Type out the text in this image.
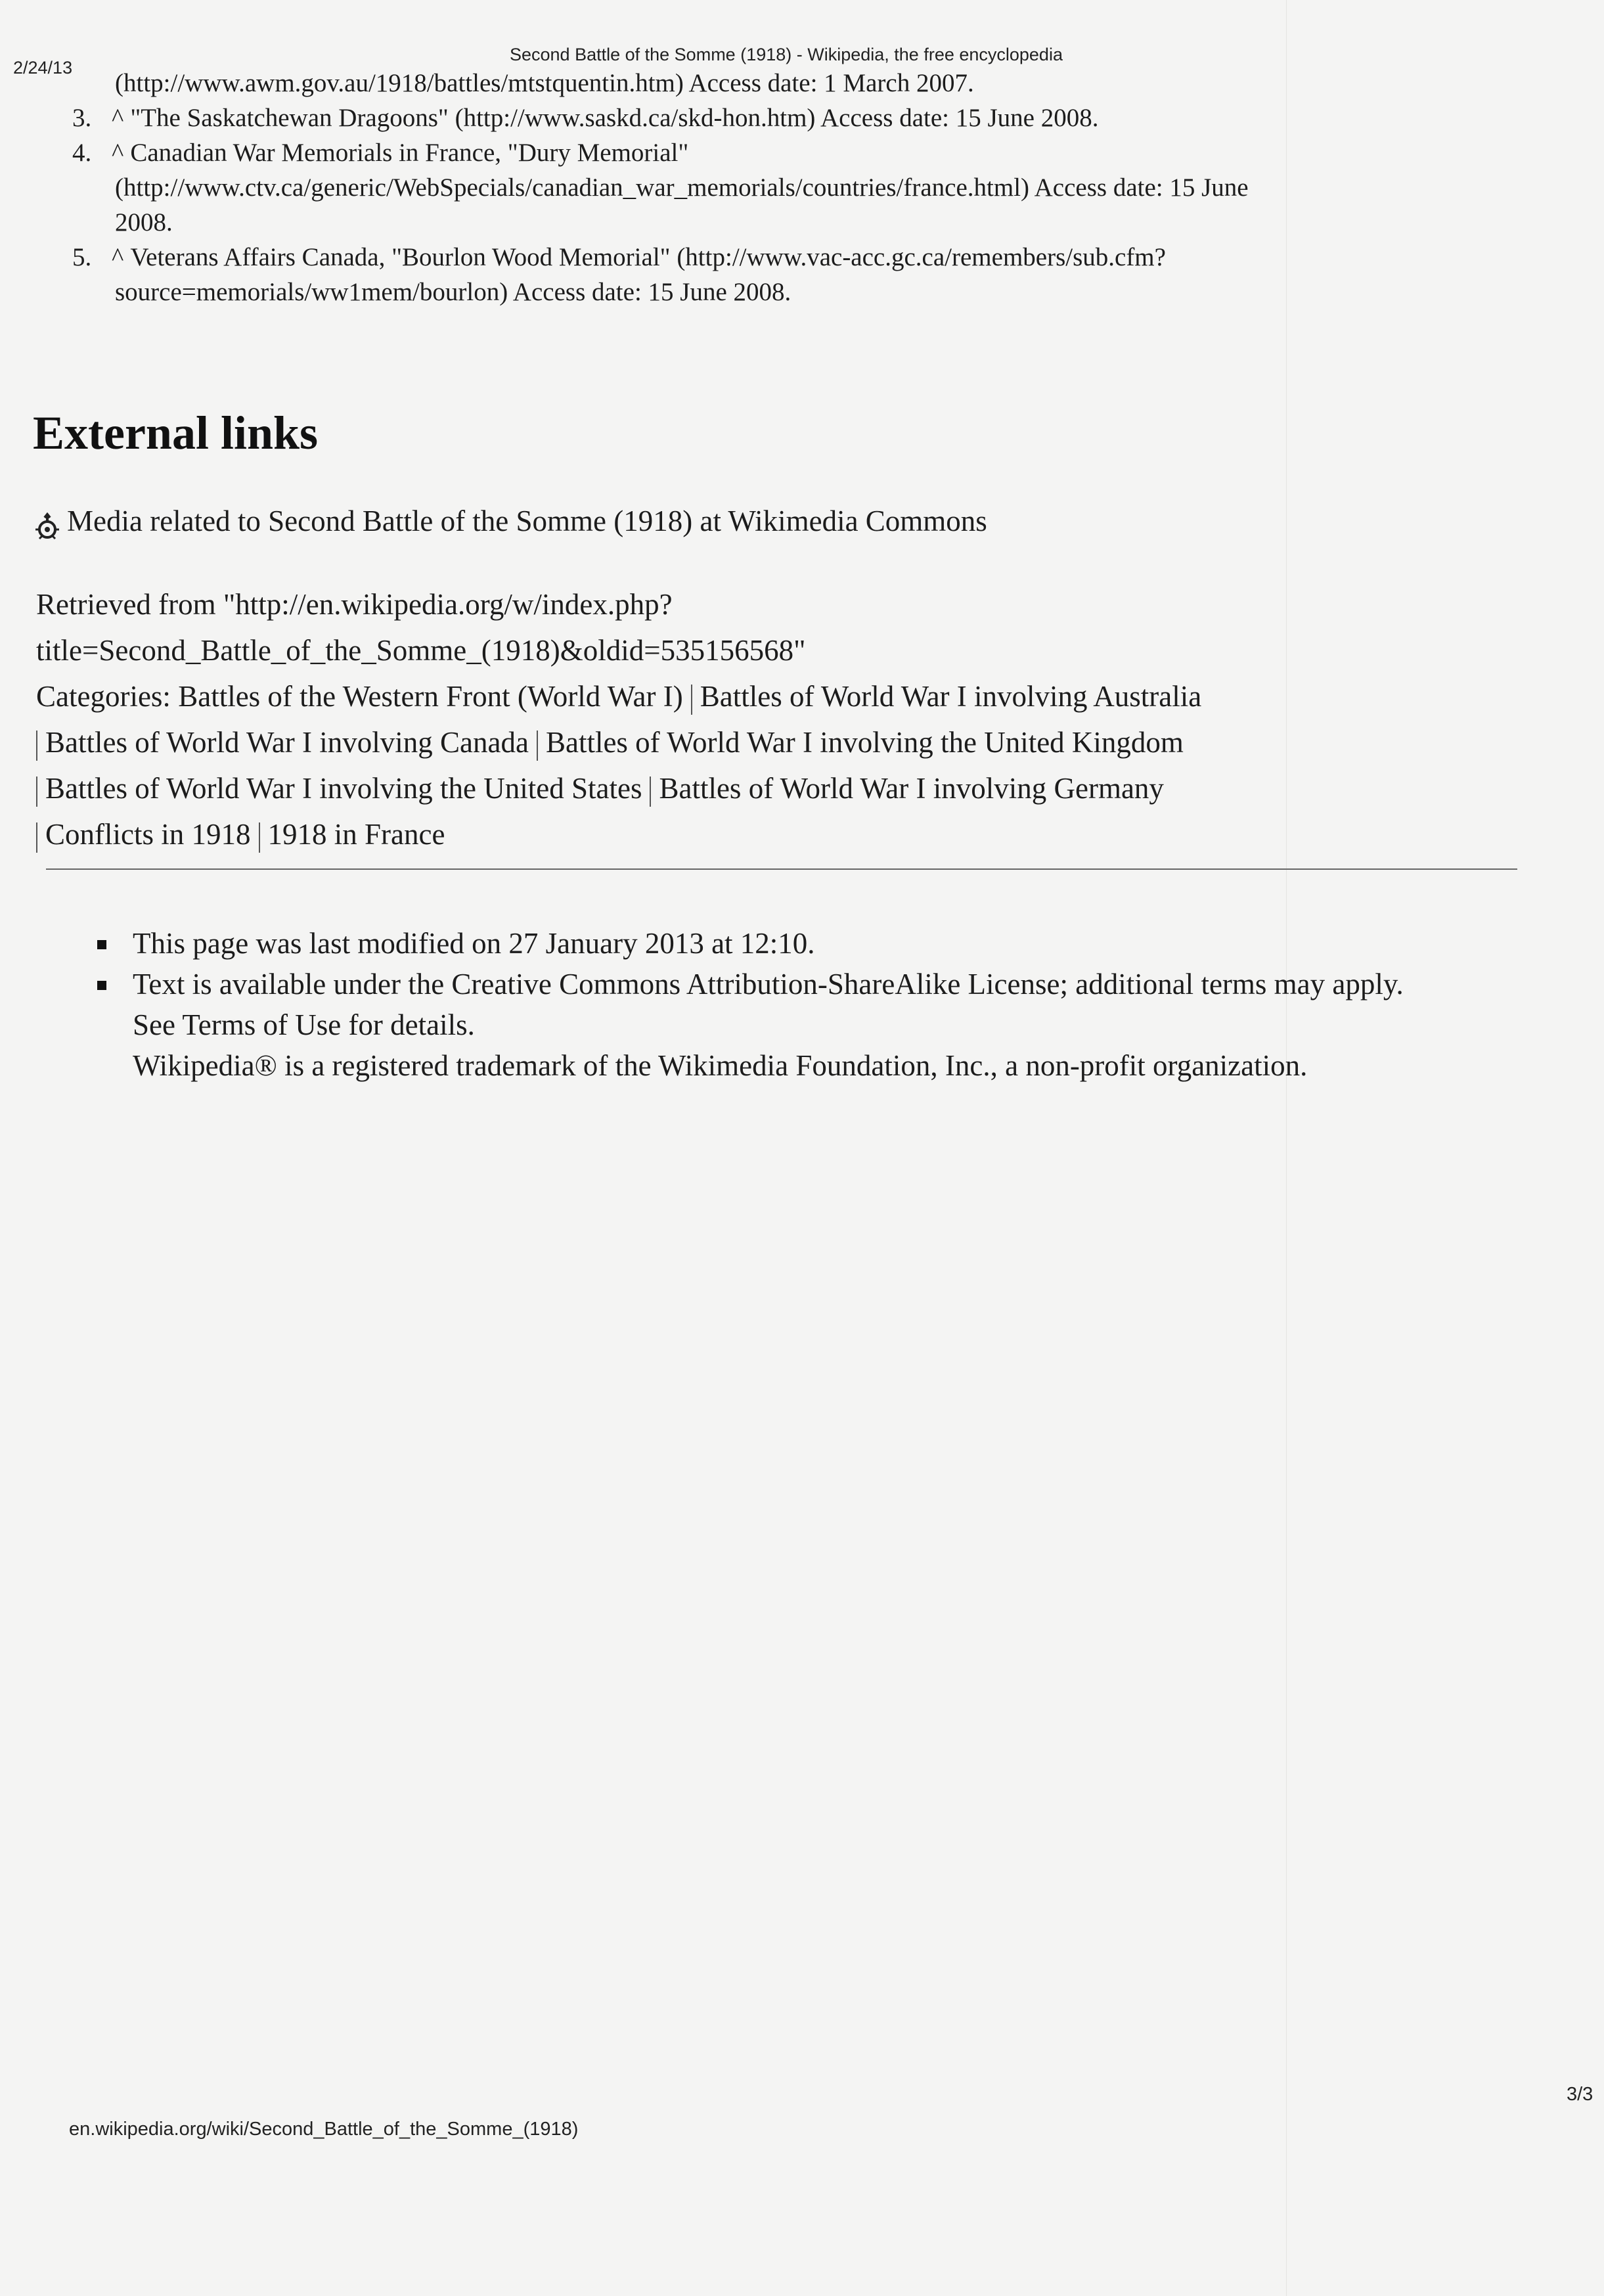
2/24/13
Second Battle of the Somme (1918) - Wikipedia, the free encyclopedia
(http://www.awm.gov.au/1918/battles/mtstquentin.htm) Access date: 1 March 2007.
3. ^ "The Saskatchewan Dragoons" (http://www.saskd.ca/skd-hon.htm) Access date: 15 June 2008.
4. ^ Canadian War Memorials in France, "Dury Memorial"
(http://www.ctv.ca/generic/WebSpecials/canadian_war_memorials/countries/france.html) Access date: 15 June
2008.
5. ^ Veterans Affairs Canada, "Bourlon Wood Memorial" (http://www.vac-acc.gc.ca/remembers/sub.cfm?
source=memorials/ww1mem/bourlon) Access date: 15 June 2008.
External links
Media related to Second Battle of the Somme (1918) at Wikimedia Commons
Retrieved from "http://en.wikipedia.org/w/index.php?
title=Second_Battle_of_the_Somme_(1918)&oldid=535156568"
Categories: Battles of the Western Front (World War I) Battles of World War I involving Australia
Battles of World War I involving Canada Battles of World War I involving the United Kingdom
Battles of World War I involving the United States Battles of World War I involving Germany
Conflicts in 1918 1918 in France
This page was last modified on 27 January 2013 at 12:10.
Text is available under the Creative Commons Attribution-ShareAlike License; additional terms may apply.
See Terms of Use for details.
Wikipedia® is a registered trademark of the Wikimedia Foundation, Inc., a non-profit organization.
3/3
en.wikipedia.org/wiki/Second_Battle_of_the_Somme_(1918)
